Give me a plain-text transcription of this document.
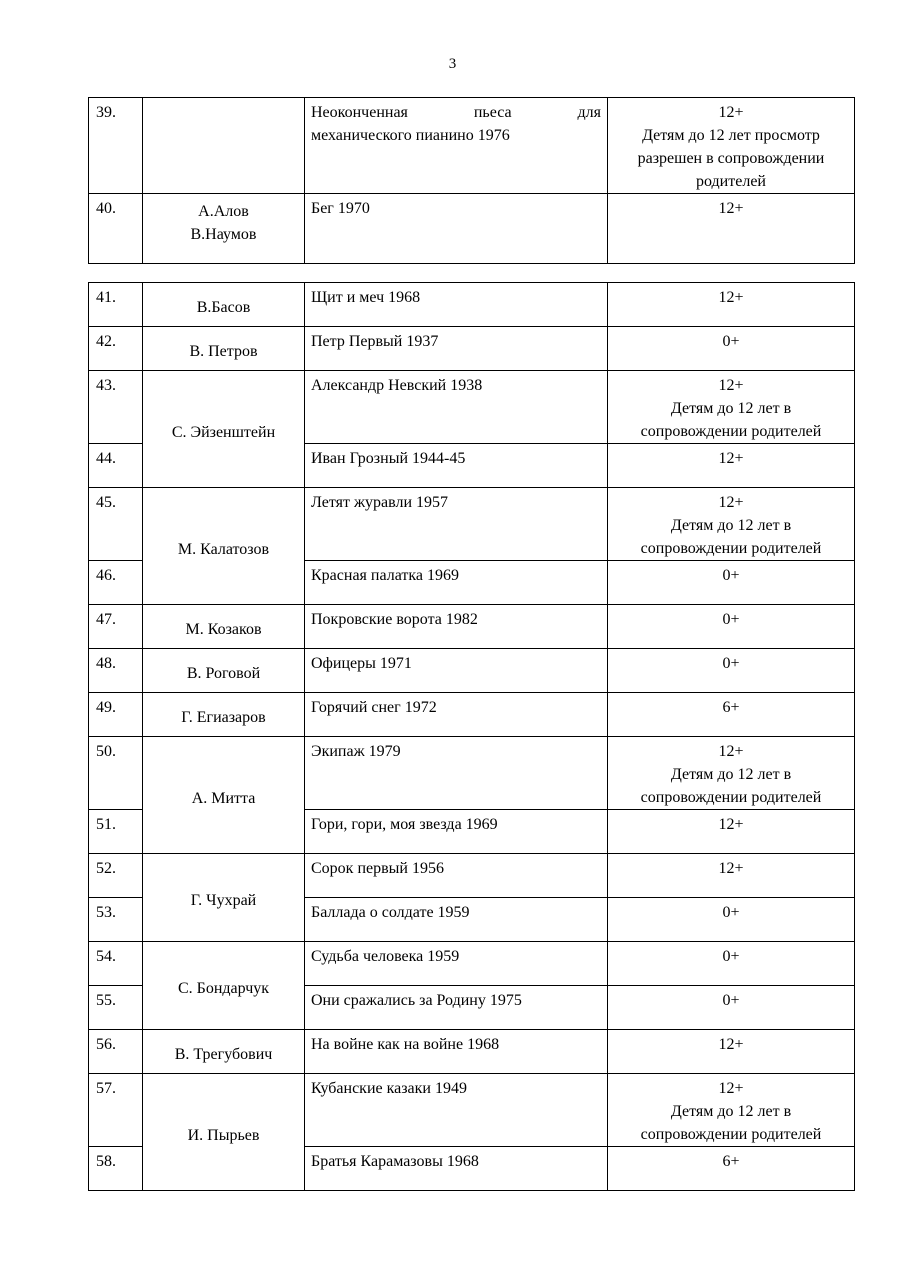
3
39.		Неоконченная пьеса для
механического пианино 1976	12+
Детям до 12 лет просмотр
разрешен в сопровождении
родителей

40.	А.Алов
В.Наумов	Бег 1970	12+
41.	В.Басов	Щит и меч 1968	12+

42.	В. Петров	Петр Первый 1937	0+

43.	С. Эйзенштейн	Александр Невский 1938	12+
Детям до 12 лет в
сопровождении родителей

44.		Иван Грозный 1944-45	12+

45.	М. Калатозов	Летят журавли 1957	12+
Детям до 12 лет в
сопровождении родителей

46.		Красная палатка 1969	0+

47.	М. Козаков	Покровские ворота 1982	0+

48.	В. Роговой	Офицеры 1971	0+

49.	Г. Егиазаров	Горячий снег 1972	6+

50.	А. Митта	Экипаж 1979	12+
Детям до 12 лет в
сопровождении родителей

51.		Гори, гори, моя звезда 1969	12+

52.	Г. Чухрай	Сорок первый 1956	12+

53.		Баллада о солдате 1959	0+

54.	С. Бондарчук	Судьба человека 1959	0+

55.		Они сражались за Родину 1975	0+

56.	В. Трегубович	На войне как на войне 1968	12+

57.	И. Пырьев	Кубанские казаки 1949	12+
Детям до 12 лет в
сопровождении родителей

58.		Братья Карамазовы 1968	6+
